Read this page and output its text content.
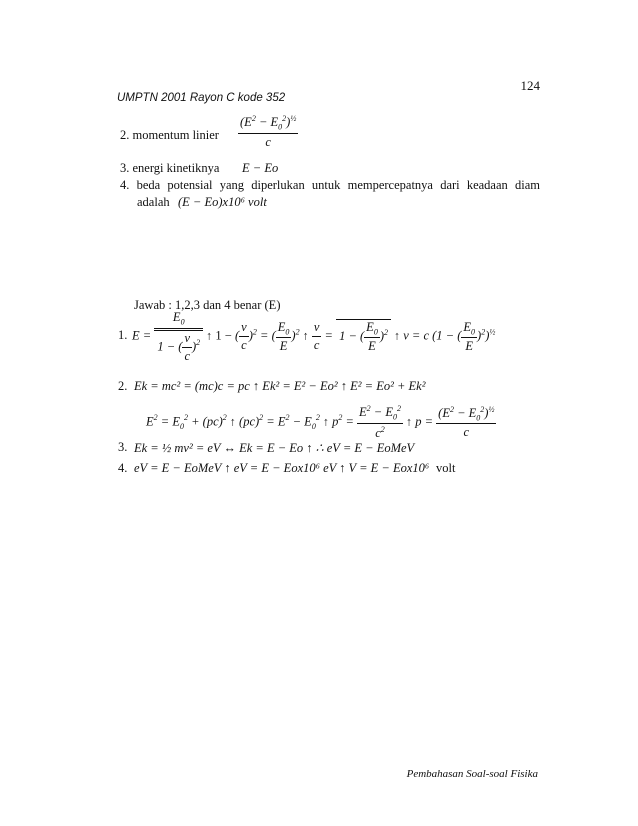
124
UMPTN 2001 Rayon C kode 352
2. momentum linier $\frac{(E^2 - E_0^2)^{\frac{1}{2}}}{c}$
3. energi kinetiknya E − Eo
4. beda potensial yang diperlukan untuk mempercepatnya dari keadaan diam
adalah (E − Eo)x10⁶ volt
Jawab : 1,2,3 dan 4 benar (E)
1. $E = \frac{E_0}{1 - ( \frac{v}{c} )^2}$ ↑ 1 − ( $\frac{v}{c} )^2$ = ( $\frac{E_0}{E} )^2$ ↑ $\frac{v}{c} = 1$ − ( $\frac{E_0}{E} )^2$ ↑ v = c (1 − ( $\frac{E_0}{E} )^2)^{\frac{1}{2}}$
2. Ek = mc² = (mc)c = pc ↑ Ek² = E² − Eo² ↑ E² = Eo² + Ek²
$E^2 = E_0^2 + (pc)^2$ ↑ $(pc)^2 = E^2 - E_0^2$ ↑ $p^2 = \frac{E^2 - E_0^2}{c^2}$ ↑ $p = \frac{(E^2 - E_0^2)^{\frac{1}{2}}}{c}$
3. Ek = ½ mv² = eV ↔ Ek = E − Eo ↑ ∴ eV = E − EoMeV
4. eV = E − EoMeV ↑ eV = E − Eox10⁶ eV ↑ V = E − Eox10⁶ volt
Pembahasan Soal-soal Fisika
